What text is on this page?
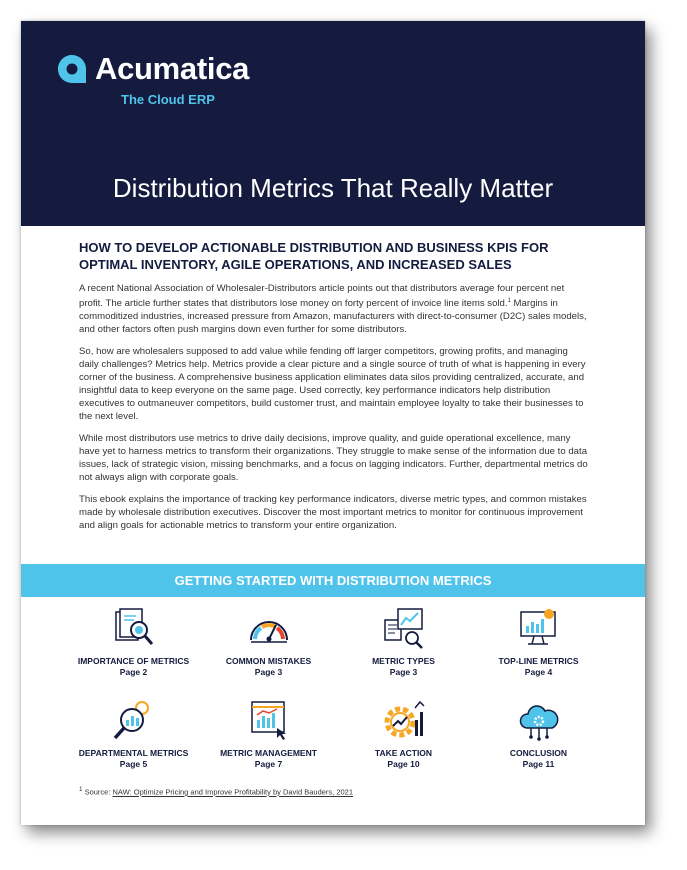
Acumatica
The Cloud ERP
Distribution Metrics That Really Matter
HOW TO DEVELOP ACTIONABLE DISTRIBUTION AND BUSINESS KPIS FOR
OPTIMAL INVENTORY, AGILE OPERATIONS, AND INCREASED SALES

A recent National Association of Wholesaler-Distributors article points out that distributors average four percent net profit. The article further states that distributors lose money on forty percent of invoice line items sold.$^1$ Margins in commoditized industries, increased pressure from Amazon, manufacturers with direct-to-consumer (D2C) sales models, and other factors often push margins down even further for some distributors.

So, how are wholesalers supposed to add value while fending off larger competitors, growing profits, and managing daily challenges? Metrics help. Metrics provide a clear picture and a single source of truth of what is happening in every corner of the business. A comprehensive business application eliminates data silos providing centralized, accurate, and insightful data to keep everyone on the same page. Used correctly, key performance indicators help distribution executives to outmaneuver competitors, build customer trust, and maintain employee loyalty to take their businesses to the next level.

While most distributors use metrics to drive daily decisions, improve quality, and guide operational excellence, many have yet to harness metrics to transform their organizations. They struggle to make sense of the information due to data issues, lack of strategic vision, missing benchmarks, and a focus on lagging indicators. Further, departmental metrics do not always align with corporate goals.

This ebook explains the importance of tracking key performance indicators, diverse metric types, and common mistakes made by wholesale distribution executives. Discover the most important metrics to monitor for continuous improvement and align goals for actionable metrics to transform your entire organization.

GETTING STARTED WITH DISTRIBUTION METRICS
IMPORTANCE OF METRICS
Page 2
COMMON MISTAKES
Page 3
METRIC TYPES
Page 3
TOP-LINE METRICS
Page 4
DEPARTMENTAL METRICS
Page 5
METRIC MANAGEMENT
Page 7
TAKE ACTION
Page 10
CONCLUSION
Page 11
$^1$ Source: NAW: Optimize Pricing and Improve Profitability by David Bauders, 2021
